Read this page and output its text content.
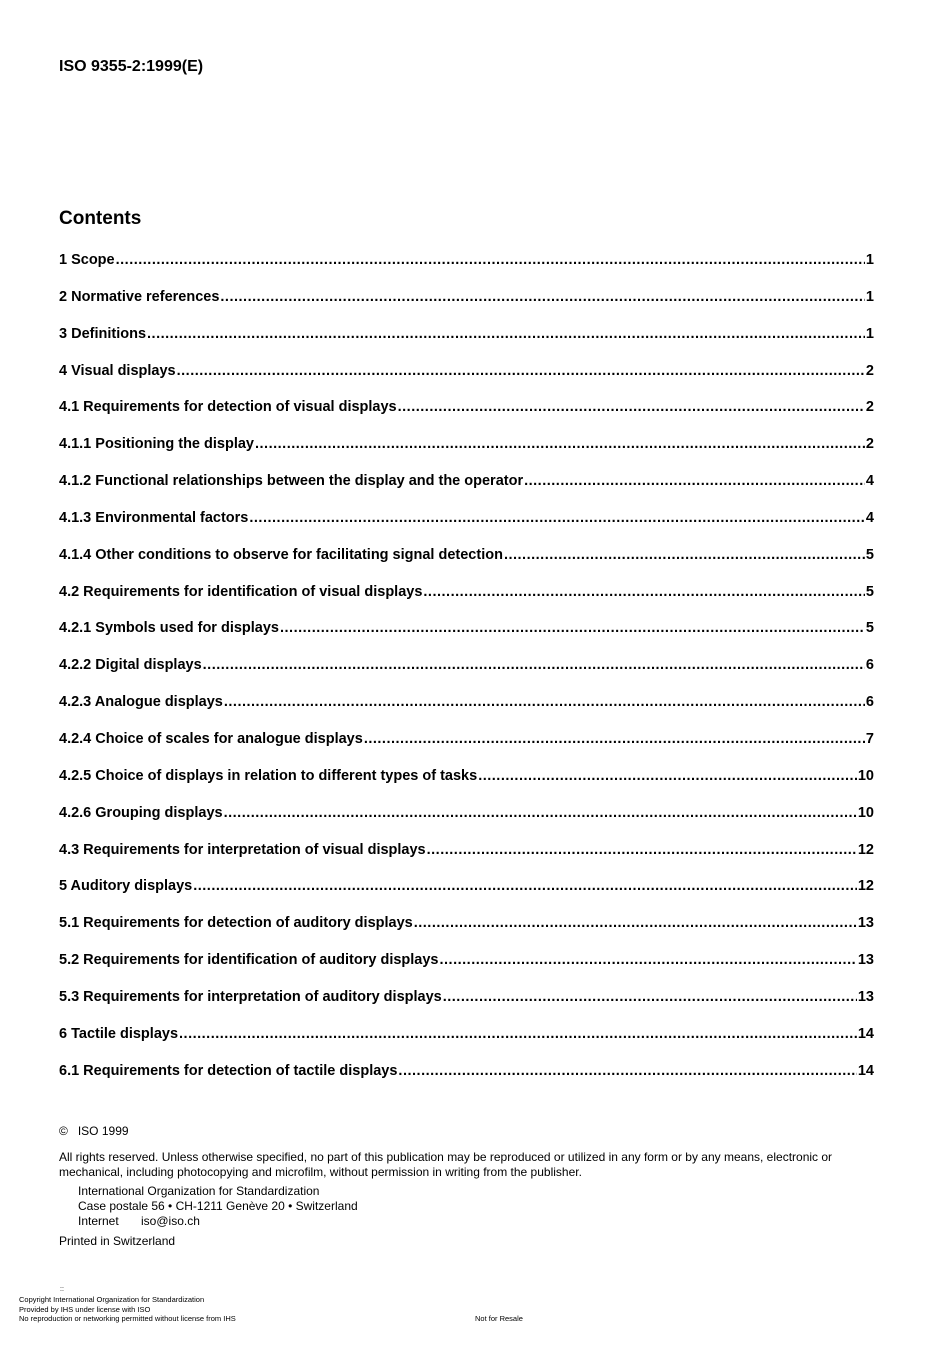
ISO 9355-2:1999(E)
Contents
1 Scope .....	1
2 Normative references .....	1
3 Definitions .....	1
4 Visual displays .....	2
4.1 Requirements for detection of visual displays .....	2
4.1.1 Positioning the display .....	2
4.1.2 Functional relationships between the display and the operator .....	4
4.1.3 Environmental factors .....	4
4.1.4 Other conditions to observe for facilitating signal detection .....	5
4.2 Requirements for identification of visual displays .....	5
4.2.1 Symbols used for displays .....	5
4.2.2 Digital displays .....	6
4.2.3 Analogue displays .....	6
4.2.4 Choice of scales for analogue displays .....	7
4.2.5 Choice of displays in relation to different types of tasks .....	10
4.2.6 Grouping displays .....	10
4.3 Requirements for interpretation of visual displays .....	12
5 Auditory displays .....	12
5.1 Requirements for detection of auditory displays .....	13
5.2 Requirements for identification of auditory displays .....	13
5.3 Requirements for interpretation of auditory displays .....	13
6 Tactile displays .....	14
6.1 Requirements for detection of tactile displays .....	14
© ISO 1999

All rights reserved. Unless otherwise specified, no part of this publication may be reproduced or utilized in any form or by any means, electronic or mechanical, including photocopying and microfilm, without permission in writing from the publisher.

International Organization for Standardization
Case postale 56 • CH-1211 Genève 20 • Switzerland
Internet iso@iso.ch
Printed in Switzerland
::
Copyright International Organization for Standardization
Provided by IHS under license with ISO
No reproduction or networking permitted without license from IHS	Not for Resale
